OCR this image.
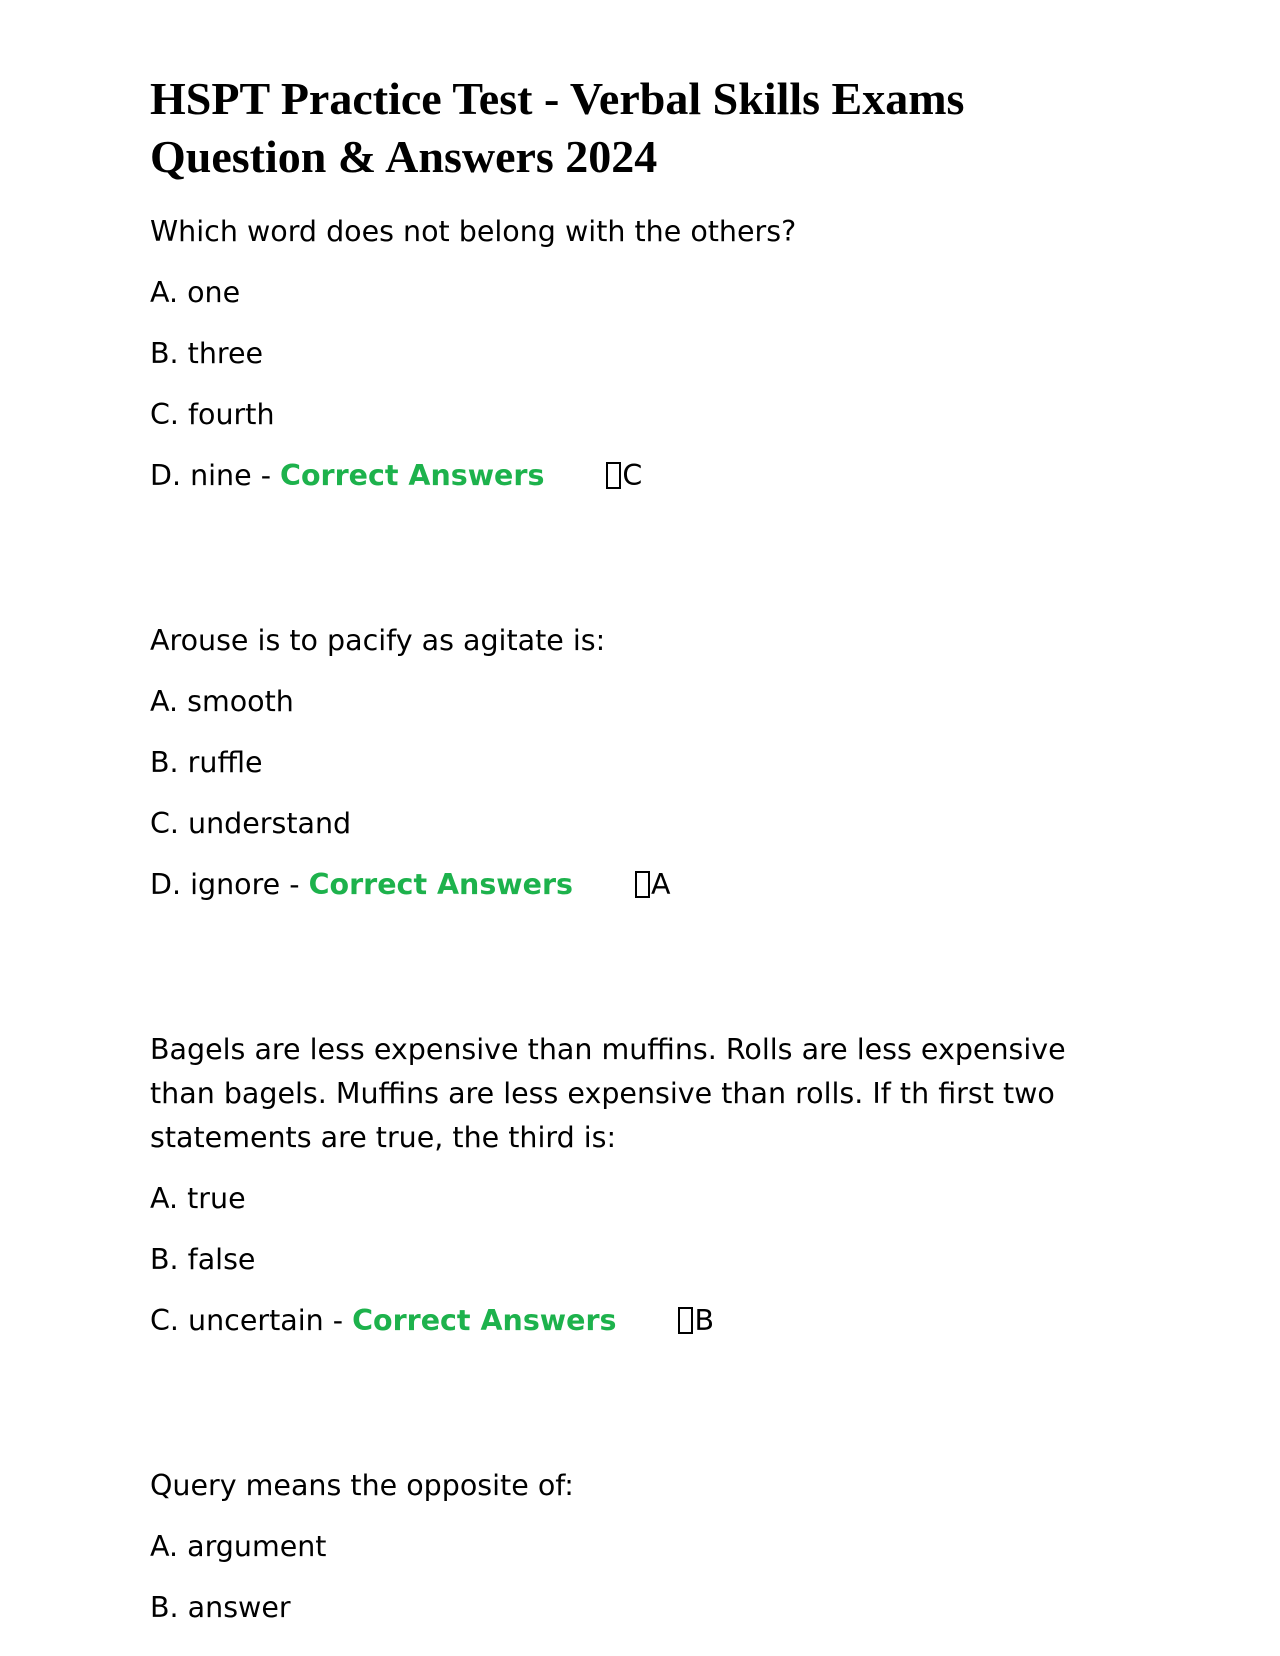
HSPT Practice Test - Verbal Skills Exams Question & Answers 2024

Which word does not belong with the others?

A. one

B. three

C. fourth

D. nine - Correct Answers	C

Arouse is to pacify as agitate is:

A. smooth

B. ruffle

C. understand

D. ignore - Correct Answers	A

Bagels are less expensive than muffins. Rolls are less expensive than bagels. Muffins are less expensive than rolls. If th first two statements are true, the third is:

A. true

B. false

C. uncertain - Correct Answers	B

Query means the opposite of:

A. argument

B. answer
